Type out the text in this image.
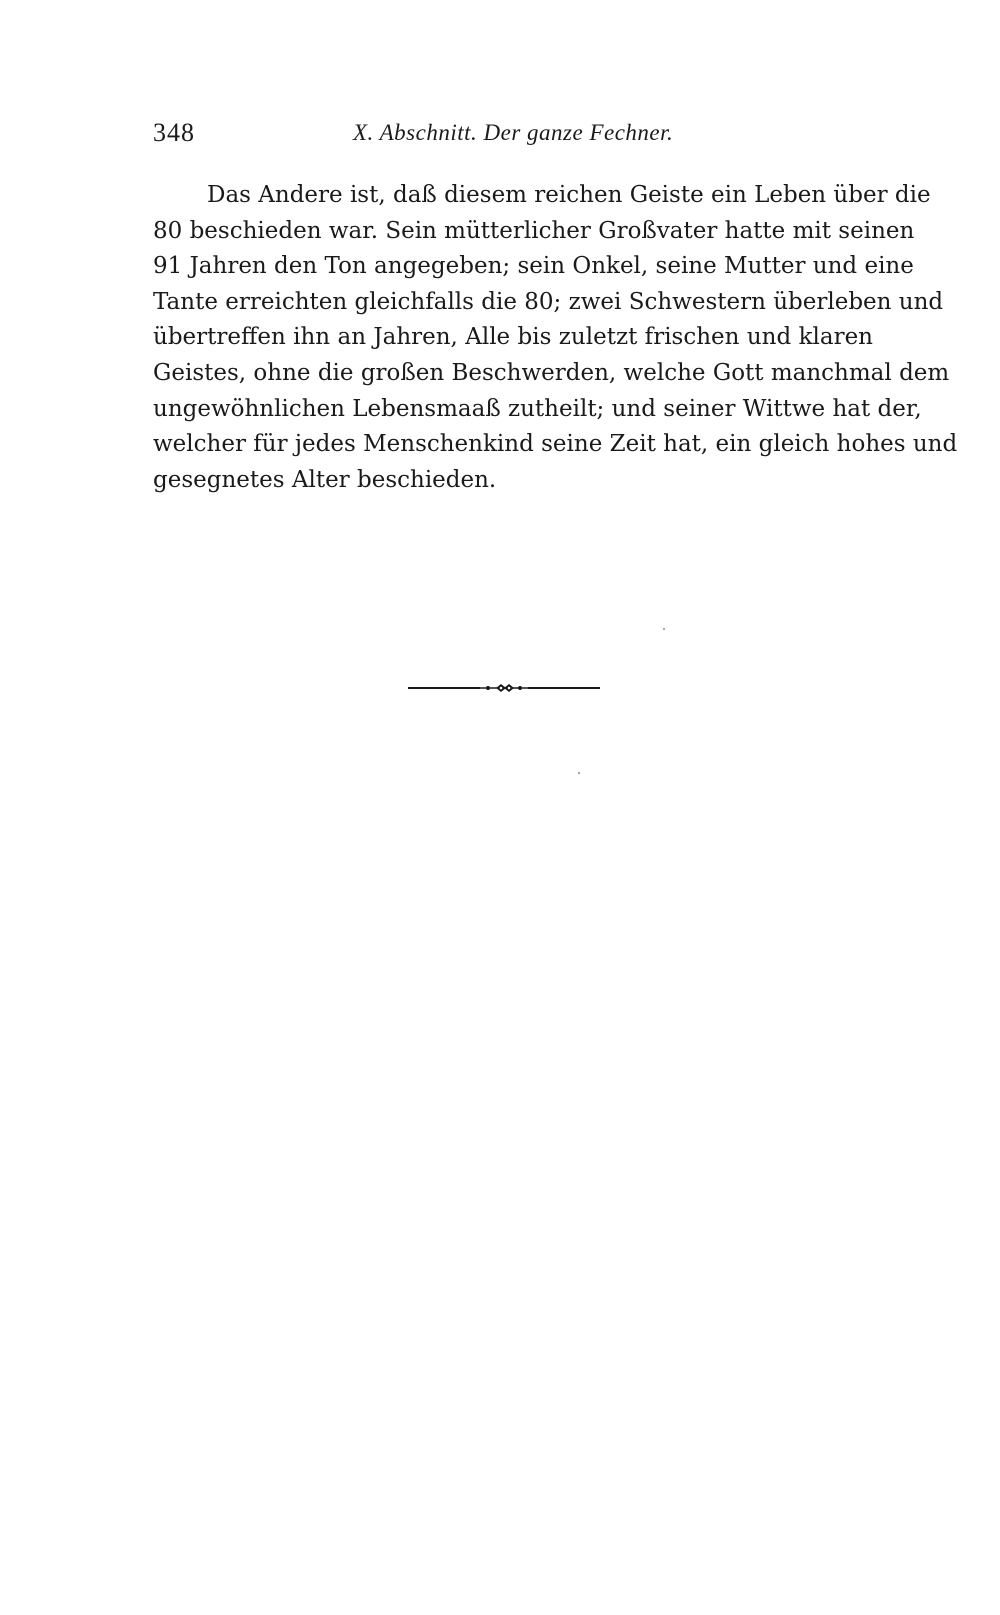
348	X. Abschnitt. Der ganze Fechner.
Das Andere ist, daß diesem reichen Geiste ein Leben über die
80 beschieden war. Sein mütterlicher Großvater hatte mit seinen
91 Jahren den Ton angegeben; sein Onkel, seine Mutter und eine
Tante erreichten gleichfalls die 80; zwei Schwestern überleben und
übertreffen ihn an Jahren, Alle bis zuletzt frischen und klaren
Geistes, ohne die großen Beschwerden, welche Gott manchmal dem
ungewöhnlichen Lebensmaaß zutheilt; und seiner Wittwe hat der,
welcher für jedes Menschenkind seine Zeit hat, ein gleich hohes und
gesegnetes Alter beschieden.
